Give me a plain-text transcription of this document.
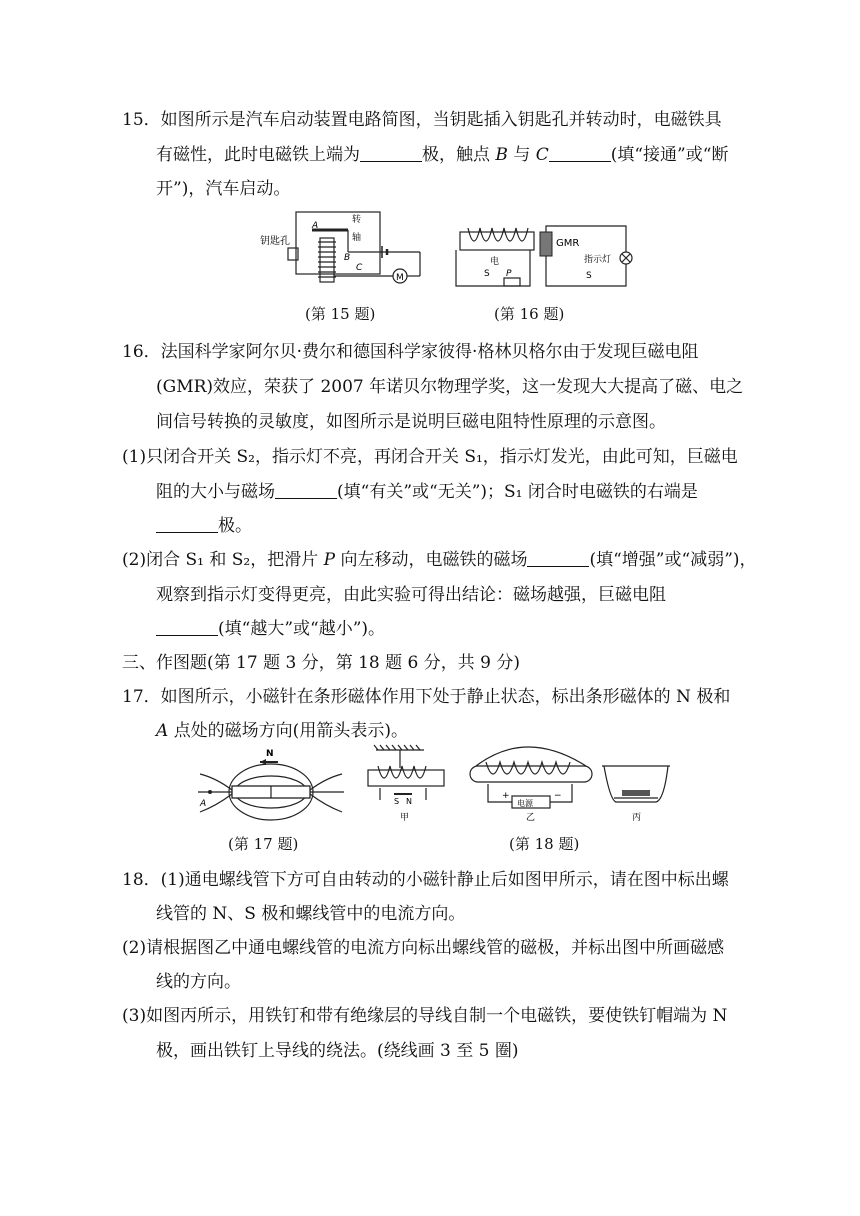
15．如图所示是汽车启动装置电路简图，当钥匙插入钥匙孔并转动时，电磁铁具
有磁性，此时电磁铁上端为	极，触点 B 与 C	(填“接通”或“断
开”)，汽车启动。
钥匙孔
A
转
轴
B
C
M
电
S P
GMR
指示灯
S
(第 15 题)	(第 16 题)
16．法国科学家阿尔贝·费尔和德国科学家彼得·格林贝格尔由于发现巨磁电阻
(GMR)效应，荣获了 2007 年诺贝尔物理学奖，这一发现大大提高了磁、电之
间信号转换的灵敏度，如图所示是说明巨磁电阻特性原理的示意图。
(1)只闭合开关 S₂，指示灯不亮，再闭合开关 S₁，指示灯发光，由此可知，巨磁电
阻的大小与磁场	(填“有关”或“无关”)；S₁ 闭合时电磁铁的右端是
极。
(2)闭合 S₁ 和 S₂，把滑片 P 向左移动，电磁铁的磁场	(填“增强”或“减弱”)，
观察到指示灯变得更亮，由此实验可得出结论：磁场越强，巨磁电阻
(填“越大”或“越小”)。
三、作图题(第 17 题 3 分，第 18 题 6 分，共 9 分)
17．如图所示，小磁针在条形磁体作用下处于静止状态，标出条形磁体的 N 极和
A 点处的磁场方向(用箭头表示)。
N
A	S N
甲
电源
+	−
乙	丙
(第 17 题)	(第 18 题)
18．(1)通电螺线管下方可自由转动的小磁针静止后如图甲所示，请在图中标出螺
线管的 N、S 极和螺线管中的电流方向。
(2)请根据图乙中通电螺线管的电流方向标出螺线管的磁极，并标出图中所画磁感
线的方向。
(3)如图丙所示，用铁钉和带有绝缘层的导线自制一个电磁铁，要使铁钉帽端为 N
极，画出铁钉上导线的绕法。(绕线画 3 至 5 圈)
